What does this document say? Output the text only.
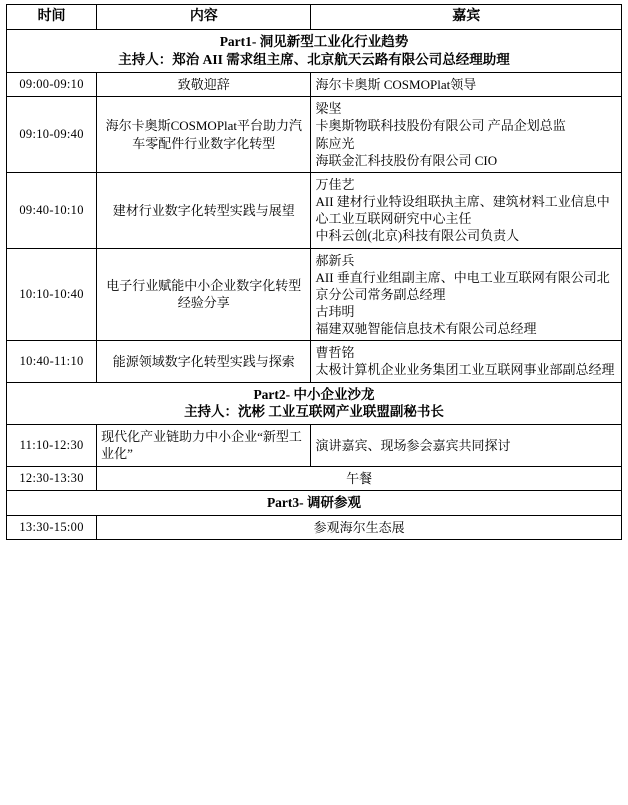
时间	内容	嘉宾
Part1- 洞见新型工业化行业趋势
主持人：郑治 AII 需求组主席、北京航天云路有限公司总经理助理		

09:00-09:10	致敬迎辞	海尔卡奥斯 COSMOPlat领导

09:10-09:40	海尔卡奥斯COSMOPlat平台助力汽车零配件行业数字化转型	梁坚
卡奥斯物联科技股份有限公司 产品企划总监
陈应光
海联金汇科技股份有限公司 CIO

09:40-10:10	建材行业数字化转型实践与展望	万佳艺
AII 建材行业特设组联执主席、建筑材料工业信息中心工业互联网研究中心主任
中科云创(北京)科技有限公司负责人

10:10-10:40	电子行业赋能中小企业数字化转型经验分享	郝新兵
AII 垂直行业组副主席、中电工业互联网有限公司北京分公司常务副总经理
古玮明
福建双驰智能信息技术有限公司总经理

10:40-11:10	能源领域数字化转型实践与探索	曹哲铭
太极计算机企业业务集团工业互联网事业部副总经理

Part2- 中小企业沙龙
主持人：沈彬 工业互联网产业联盟副秘书长		

11:10-12:30	现代化产业链助力中小企业“新型工业化”	演讲嘉宾、现场参会嘉宾共同探讨

12:30-13:30	午餐	
Part3- 调研参观		
13:30-15:00	参观海尔生态展	
